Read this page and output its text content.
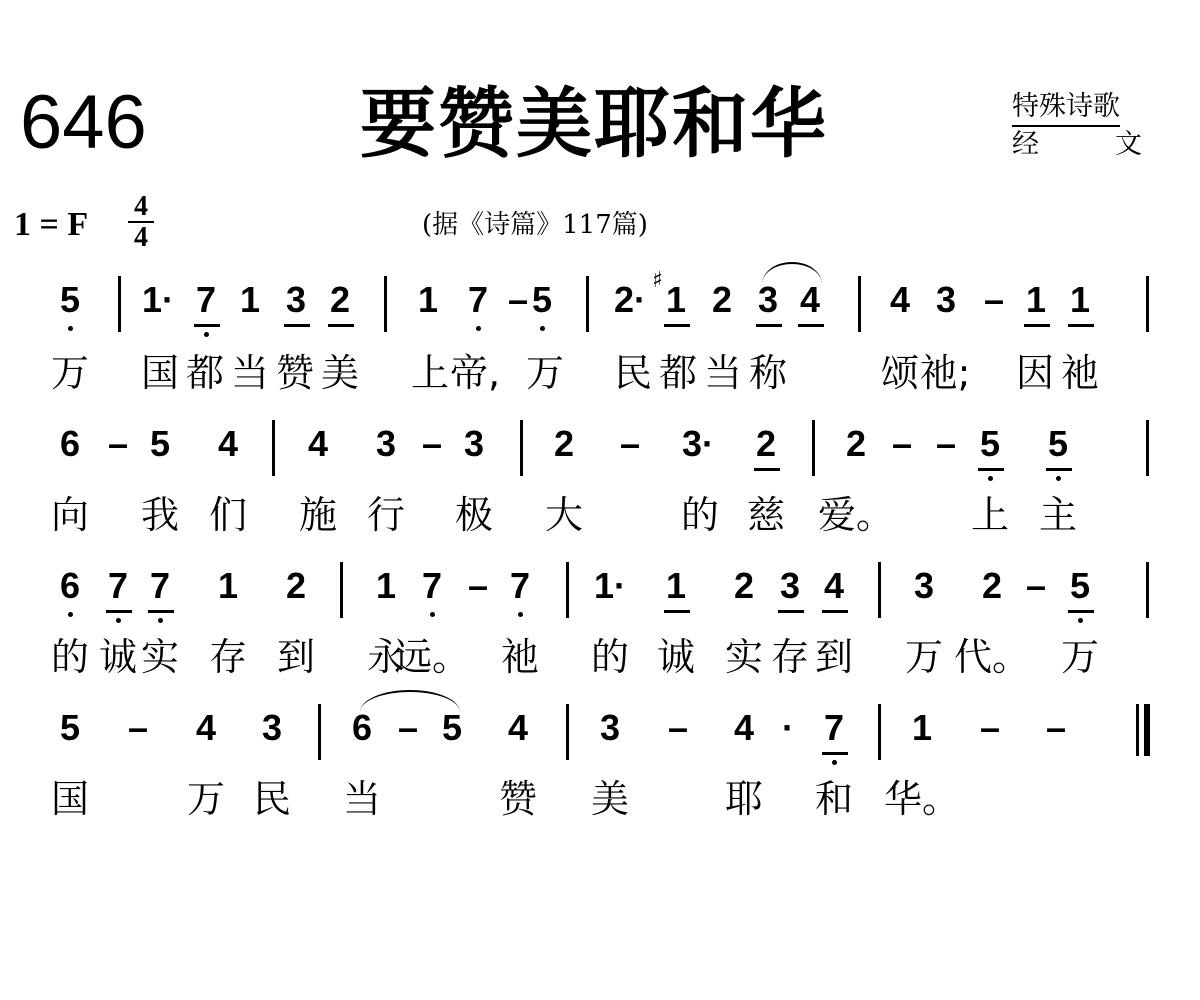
646	要赞美耶和华	特殊诗歌
经	文
1 = F 4
4	(据《诗篇》117篇)
5 1· 7 1 3 2 1 7 – 5 2· 1 2 3 4 4 3 – 1 1
万 国 都 当 赞 美 上 帝, 万 民 都 当 称 颂 祂; 因 祂
6 – 5 4 4 3 – 3 2 – 3· 2 2 – – 5 5
向 我 们 施 行 极 大	的 慈 爱。 上 主
6 7 7 1 2 1 7 – 7 1· 1 2 3 4 3 2 – 5
的 诚 实 存 到 永
远。 祂 的 诚 实 存 到 万 代。 万
5 – 4 3 6 – 5 4 3 – 4 · 7 1 – –
国	万 民 当	赞 美	耶 和 华。
♯
